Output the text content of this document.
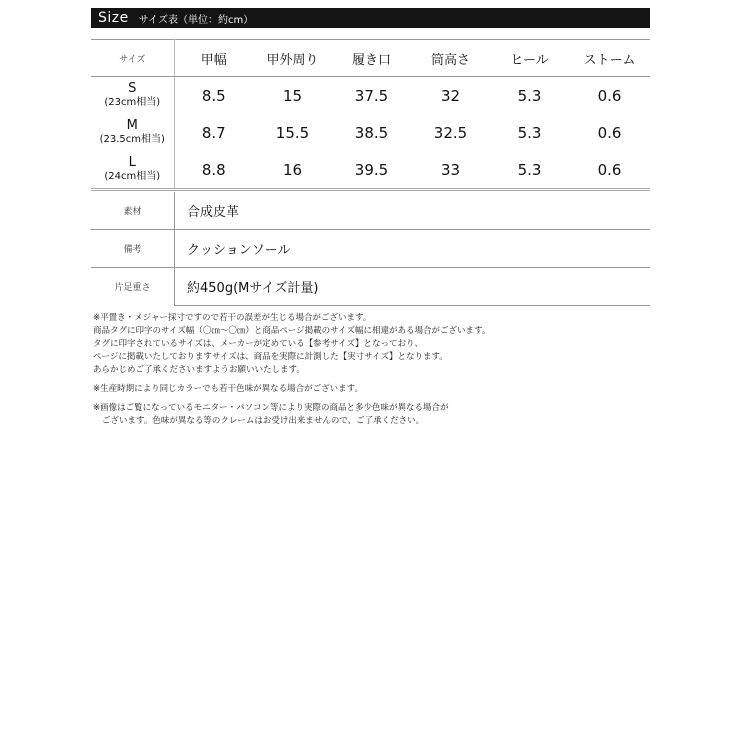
Size サイズ表（単位：約cm）
サイズ	甲幅	甲外周り	履き口	筒高さ	ヒール	ストーム
S
(23cm相当)	8.5	15	37.5	32	5.3	0.6
M
(23.5cm相当)	8.7	15.5	38.5	32.5	5.3	0.6
L
(24cm相当)	8.8	16	39.5	33	5.3	0.6
素材	合成皮革
備考	クッションソール
片足重さ	約450g(Mサイズ計量)

※平置き・メジャー採寸ですので若干の誤差が生じる場合がございます。

商品タグに印字のサイズ幅（〇㎝〜〇㎝）と商品ページ掲載のサイズ幅に相違がある場合がございます。

タグに印字されているサイズは、メーカーが定めている【参考サイズ】となっており、

ページに掲載いたしておりますサイズは、商品を実際に計測した【実寸サイズ】となります。

あらかじめご了承くださいますようお願いいたします。

※生産時期により同じカラーでも若干色味が異なる場合がございます。

※画像はご覧になっているモニター・パソコン等により実際の商品と多少色味が異なる場合が

ございます。色味が異なる等のクレームはお受け出来ませんので、ご了承ください。
